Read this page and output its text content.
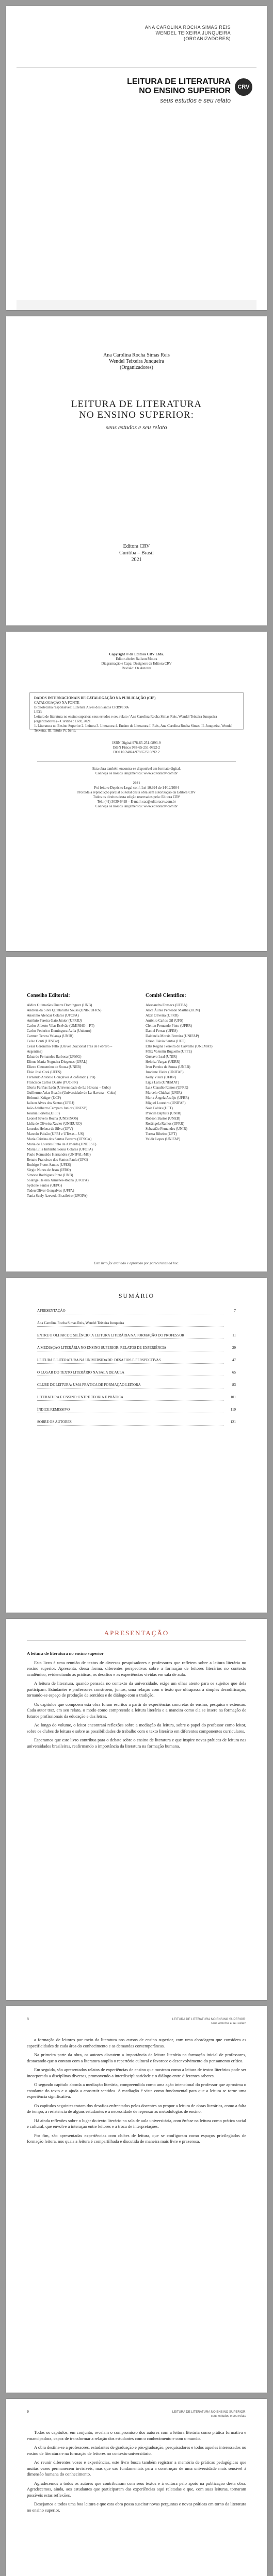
ANA CAROLINA ROCHA SIMAS REIS
WENDEL TEIXEIRA JUNQUEIRA
(ORGANIZADORES)
LEITURA DE LITERATURA
NO ENSINO SUPERIOR
seus estudos e seu relato
CRV
Ana Carolina Rocha Simas Reis
Wendel Teixeira Junqueira
(Organizadores)
LEITURA DE LITERATURA
NO ENSINO SUPERIOR:
seus estudos e seu relato
Editora CRV
Curitiba – Brasil
2021
Copyright © da Editora CRV Ltda.
Editor-chefe: Railson Moura
Diagramação e Capa: Designers da Editora CRV
Revisão: Os Autores
DADOS INTERNACIONAIS DE CATALOGAÇÃO NA PUBLICAÇÃO (CIP)
CATALOGAÇÃO NA FONTE
Bibliotecária responsável: Luzenira Alves dos Santos CRB9/1506
L533
Leitura de literatura no ensino superior: seus estudos e seu relato / Ana Carolina Rocha Simas Reis, Wendel Teixeira Junqueira (organizadores) – Curitiba : CRV, 2021.
1. Literatura no Ensino Superior 2. Leitura 3. Literatura 4. Ensino de Literatura I. Reis, Ana Carolina Rocha Simas. II. Junqueira, Wendel Teixeira. III. Título IV. Série.
ISBN Digital 978-65-251-0893-9
ISBN Físico 978-65-251-0892-2
DOI 10.24824/978652510892.2
Esta obra também encontra-se disponível em formato digital.
Conheça os nossos lançamentos: www.editoracrv.com.br
2021
Foi feito o Depósito Legal conf. Lei 10.994 de 14/12/2004
Proibida a reprodução parcial ou total desta obra sem autorização da Editora CRV
Todos os direitos desta edição reservados pela: Editora CRV
Tel.: (41) 3039-6418 – E-mail: sac@editoracrv.com.br
Conheça os nossos lançamentos: www.editoracrv.com.br
Conselho Editorial:
Aldira Guimarães Duarte Domínguez (UNB)
Andréia da Silva Quintanilha Sousa (UNIR/UFRN)
Anselmo Alencar Colares (UFOPA)
Antônio Pereira Gaio Júnior (UFRRJ)
Carlos Alberto Vilar Estêvão (UMINHO – PT)
Carlos Federico Dominguez Avila (Unieuro)
Carmen Tereza Velanga (UNIR)
Celso Conti (UFSCar)
Cesar Gerónimo Tello (Univer .Nacional Três de Febrero – Argentina)
Eduardo Fernandes Barbosa (UFMG)
Elione Maria Nogueira Diogenes (UFAL)
Elizeu Clementino de Souza (UNEB)
Élsio José Corá (UFFS)
Fernando Antônio Gonçalves Alcoforado (IPB)
Francisco Carlos Duarte (PUC-PR)
Gloria Fariñas León (Universidade de La Havana – Cuba)
Guillermo Arias Beatón (Universidade de La Havana – Cuba)
Helmuth Krüger (UCP)
Jailson Alves dos Santos (UFRJ)
João Adalberto Campato Junior (UNESP)
Josania Portela (UFPI)
Leonel Severo Rocha (UNISINOS)
Lídia de Oliveira Xavier (UNIEURO)
Lourdes Helena da Silva (UFV)
Marcelo Paixão (UFRJ e UTexas – US)
Maria Cristina dos Santos Bezerra (UFSCar)
Maria de Lourdes Pinto de Almeida (UNOESC)
Maria Lília Imbiriba Sousa Colares (UFOPA)
Paulo Romualdo Hernandes (UNIFAL-MG)
Renato Francisco dos Santos Paula (UFG)
Rodrigo Pratte-Santos (UFES)
Sérgio Nunes de Jesus (IFRO)
Simone Rodrigues Pinto (UNB)
Solange Helena Ximenes-Rocha (UFOPA)
Sydione Santos (UEPG)
Tadeu Oliver Gonçalves (UFPA)
Tania Suely Azevedo Brasileiro (UFOPA)
Comitê Científico:
Alessandra Fonseca (UFBA)
Alice Áurea Penteado Martha (UEM)
Alzir Oliveira (UFRR)
Antônio Carlos Gil (UFS)
Cleiton Fernando Pinto (UFRR)
Daniel Ferraz (UFES)
Dalcinéia Morais Ferreira (UNIFAP)
Edson Flávio Santos (UFT)
Ellis Regina Ferreira de Carvalho (UNEMAT)
Félix Valentín Bugueño (UFPE)
Gustavo Leal (UNIR)
Heloísa Vargas (UERR)
Ivan Pereira de Souza (UNEB)
Jusciane Vieira (UNIFAP)
Kelly Vieira (UFRR)
Lígia Lara (UNEMAT)
Luiz Claudio Ramos (UFRR)
Marcelo Chiabai (UNIR)
Maria Ângela Araújo (UFRR)
Miguel Loureiro (UNIFAP)
Nair Caldas (UFT)
Priscila Baptista (UNIR)
Robson Bastos (UNEB)
Rosângela Ramos (UFRR)
Sebastião Fernandes (UNIR)
Teresa Ribeiro (UFT)
Valdir Lopes (UNIFAP)
Este livro foi avaliado e aprovado por pareceristas ad hoc.
SUMÁRIO
APRESENTAÇÃO	7
Ana Carolina Rocha Simas Reis, Wendel Teixeira Junqueira
ENTRE O OLHAR E O SILÊNCIO: A LEITURA LITERÁRIA NA FORMAÇÃO DO PROFESSOR	11
A MEDIAÇÃO LITERÁRIA NO ENSINO SUPERIOR: RELATOS DE EXPERIÊNCIA	29
LEITURA E LITERATURA NA UNIVERSIDADE: DESAFIOS E PERSPECTIVAS	47
O LUGAR DO TEXTO LITERÁRIO NA SALA DE AULA	65
CLUBE DE LEITURA: UMA PRÁTICA DE FORMAÇÃO LEITORA	83
LITERATURA E ENSINO: ENTRE TEORIA E PRÁTICA	101
ÍNDICE REMISSIVO	119
SOBRE OS AUTORES	121
APRESENTAÇÃO

A leitura de literatura no ensino superior

Esta livro é uma reunião de textos de diversos pesquisadores e professores que refletem sobre a leitura literária no ensino superior. Apresenta, dessa forma, diferentes perspectivas sobre a formação de leitores literários no contexto acadêmico, evidenciando as práticas, os desafios e as experiências vividas em sala de aula.

A leitura de literatura, quando pensada no contexto da universidade, exige um olhar atento para os sujeitos que dela participam. Estudantes e professores constroem, juntos, uma relação com o texto que ultrapassa a simples decodificação, tornando-se espaço de produção de sentidos e de diálogo com a tradição.

Os capítulos que compõem esta obra foram escritos a partir de experiências concretas de ensino, pesquisa e extensão. Cada autor traz, em seu relato, o modo como compreende a leitura literária e a maneira como ela se insere na formação de futuros profissionais da educação e das letras.

Ao longo do volume, o leitor encontrará reflexões sobre a mediação da leitura, sobre o papel do professor como leitor, sobre os clubes de leitura e sobre as possibilidades de trabalho com o texto literário em diferentes componentes curriculares.

Esperamos que este livro contribua para o debate sobre o ensino de literatura e que inspire novas práticas de leitura nas universidades brasileiras, reafirmando a importância da literatura na formação humana.

8	LEITURA DE LITERATURA NO ENSINO SUPERIOR:
seus estudos e seu relato

a formação de leitores por meio da literatura nos cursos de ensino superior, com uma abordagem que considera as especificidades de cada área do conhecimento e as demandas contemporâneas.

Na primeira parte da obra, os autores discutem a importância da leitura literária na formação inicial de professores, destacando que o contato com a literatura amplia o repertório cultural e favorece o desenvolvimento do pensamento crítico.

Em seguida, são apresentados relatos de experiências de ensino que mostram como a leitura de textos literários pode ser incorporada a disciplinas diversas, promovendo a interdisciplinaridade e o diálogo entre diferentes saberes.

O segundo capítulo aborda a mediação literária, compreendida como uma ação intencional do professor que aproxima o estudante do texto e o ajuda a construir sentidos. A mediação é vista como fundamental para que a leitura se torne uma experiência significativa.

Os capítulos seguintes tratam dos desafios enfrentados pelos docentes ao propor a leitura de obras literárias, como a falta de tempo, a resistência de alguns estudantes e a necessidade de repensar as metodologias de ensino.

Há ainda reflexões sobre o lugar do texto literário na sala de aula universitária, com ênfase na leitura como prática social e cultural, que envolve a interação entre leitores e a troca de interpretações.

Por fim, são apresentadas experiências com clubes de leitura, que se configuram como espaços privilegiados de formação leitora, nos quais a leitura é compartilhada e discutida de maneira mais livre e prazerosa.

9	LEITURA DE LITERATURA NO ENSINO SUPERIOR:
seus estudos e seu relato

Todos os capítulos, em conjunto, revelam o compromisso dos autores com a leitura literária como prática formativa e emancipadora, capaz de transformar a relação dos estudantes com o conhecimento e com o mundo.

A obra destina-se a professores, estudantes de graduação e pós-graduação, pesquisadores e todos aqueles interessados no ensino de literatura e na formação de leitores no contexto universitário.

Ao reunir diferentes vozes e experiências, este livro busca também registrar a memória de práticas pedagógicas que muitas vezes permanecem invisíveis, mas que são fundamentais para a construção de uma universidade mais sensível à dimensão humana do conhecimento.

Agradecemos a todos os autores que contribuíram com seus textos e à editora pelo apoio na publicação desta obra. Agradecemos, ainda, aos estudantes que participaram das experiências aqui relatadas e que, com suas leituras, tornaram possíveis estas reflexões.

Desejamos a todos uma boa leitura e que esta obra possa suscitar novas perguntas e novas práticas em torno da literatura no ensino superior.
